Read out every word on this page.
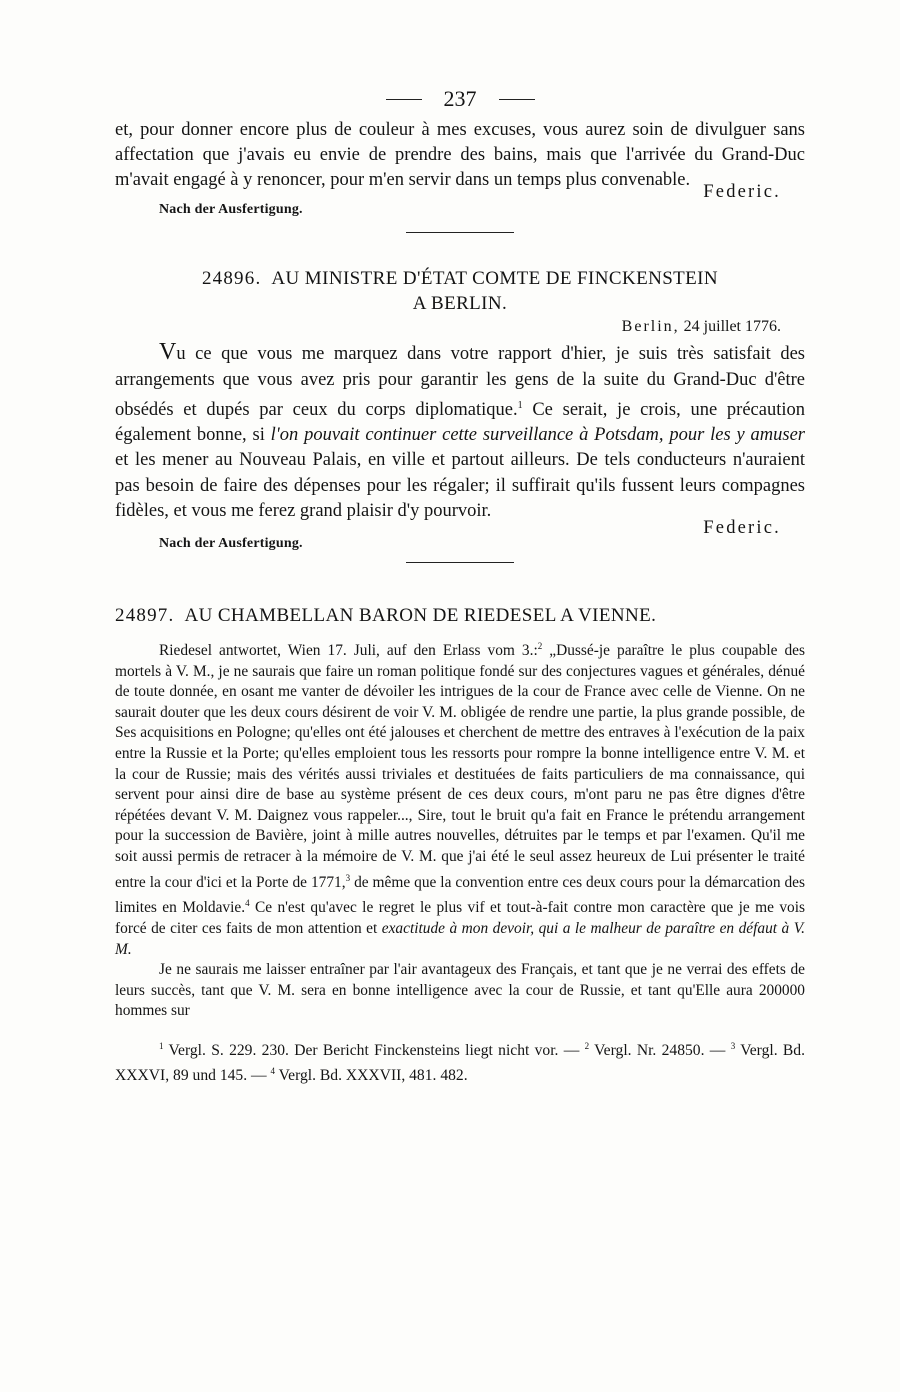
237

et, pour donner encore plus de couleur à mes excuses, vous aurez soin de divulguer sans affectation que j'avais eu envie de prendre des bains, mais que l'arrivée du Grand-Duc m'avait engagé à y renoncer, pour m'en servir dans un temps plus convenable.

Federic.
Nach der Ausfertigung.
24896. AU MINISTRE D'ÉTAT COMTE DE FINCKENSTEIN
A BERLIN.
Berlin, 24 juillet 1776.

Vu ce que vous me marquez dans votre rapport d'hier, je suis très satisfait des arrangements que vous avez pris pour garantir les gens de la suite du Grand-Duc d'être obsédés et dupés par ceux du corps diplomatique.$^1$ Ce serait, je crois, une précaution également bonne, si l'on pouvait continuer cette surveillance à Potsdam, pour les y amuser et les mener au Nouveau Palais, en ville et partout ailleurs. De tels conducteurs n'auraient pas besoin de faire des dépenses pour les régaler; il suffirait qu'ils fussent leurs compagnes fidèles, et vous me ferez grand plaisir d'y pourvoir.

Federic.
Nach der Ausfertigung.
24897. AU CHAMBELLAN BARON DE RIEDESEL A VIENNE.

Riedesel antwortet, Wien 17. Juli, auf den Erlass vom 3.:$^2$ „Dussé-je paraître le plus coupable des mortels à V. M., je ne saurais que faire un roman politique fondé sur des conjectures vagues et générales, dénué de toute donnée, en osant me vanter de dévoiler les intrigues de la cour de France avec celle de Vienne. On ne saurait douter que les deux cours désirent de voir V. M. obligée de rendre une partie, la plus grande possible, de Ses acquisitions en Pologne; qu'elles ont été jalouses et cherchent de mettre des entraves à l'exécution de la paix entre la Russie et la Porte; qu'elles emploient tous les ressorts pour rompre la bonne intelligence entre V. M. et la cour de Russie; mais des vérités aussi triviales et destituées de faits particuliers de ma connaissance, qui servent pour ainsi dire de base au système présent de ces deux cours, m'ont paru ne pas être dignes d'être répétées devant V. M. Daignez vous rappeler..., Sire, tout le bruit qu'a fait en France le prétendu arrangement pour la succession de Bavière, joint à mille autres nouvelles, détruites par le temps et par l'examen. Qu'il me soit aussi permis de retracer à la mémoire de V. M. que j'ai été le seul assez heureux de Lui présenter le traité entre la cour d'ici et la Porte de 1771,$^3$ de même que la convention entre ces deux cours pour la démarcation des limites en Moldavie.$^4$ Ce n'est qu'avec le regret le plus vif et tout-à-fait contre mon caractère que je me vois forcé de citer ces faits de mon attention et exactitude à mon devoir, qui a le malheur de paraître en défaut à V. M.

Je ne saurais me laisser entraîner par l'air avantageux des Français, et tant que je ne verrai des effets de leurs succès, tant que V. M. sera en bonne intelligence avec la cour de Russie, et tant qu'Elle aura 200000 hommes sur

$^1$ Vergl. S. 229. 230. Der Bericht Finckensteins liegt nicht vor. — $^2$ Vergl. Nr. 24850. — $^3$ Vergl. Bd. XXXVI, 89 und 145. — $^4$ Vergl. Bd. XXXVII, 481. 482.
